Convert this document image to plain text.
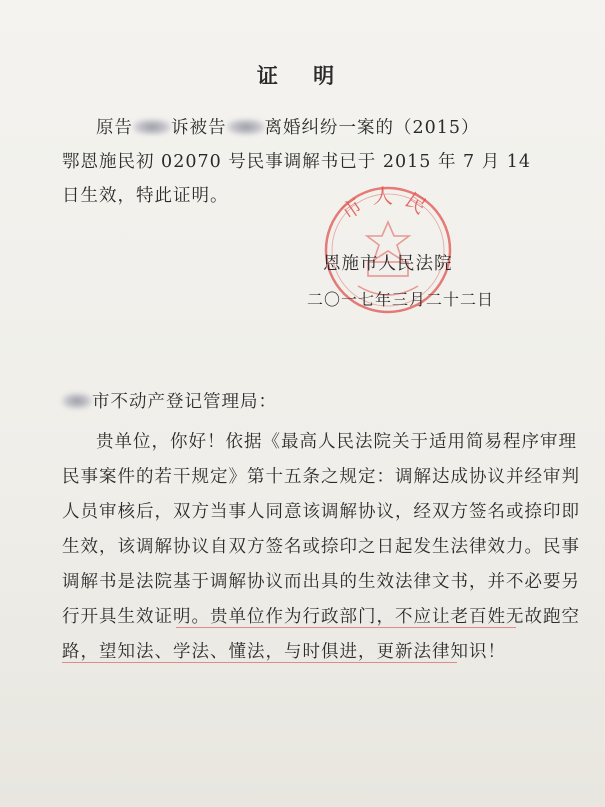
证 明
原告 诉被告 离婚纠纷一案的（2015）
鄂恩施民初 02070 号民事调解书已于 2015 年 7 月 14
日生效，特此证明。	市人民
恩施市人民法院
二〇一七年三月二十二日
市不动产登记管理局：
贵单位，你好！依据《最高人民法院关于适用简易程序审理
民事案件的若干规定》第十五条之规定：调解达成协议并经审判
人员审核后，双方当事人同意该调解协议，经双方签名或捺印即
生效，该调解协议自双方签名或捺印之日起发生法律效力。民事
调解书是法院基于调解协议而出具的生效法律文书，并不必要另
行开具生效证明。贵单位作为行政部门，不应让老百姓无故跑空
路，望知法、学法、懂法，与时俱进，更新法律知识！
